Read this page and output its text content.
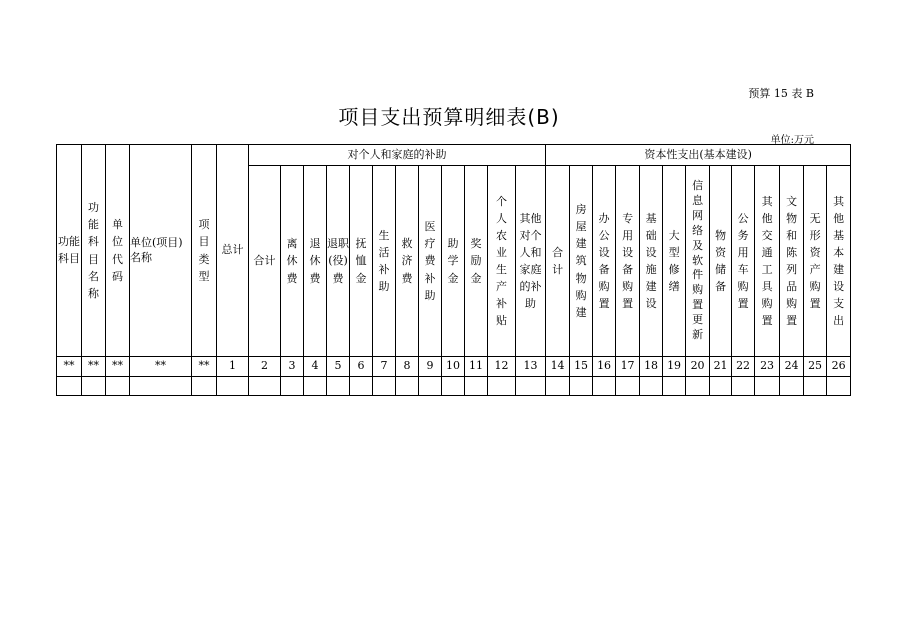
预算 15 表 B
项目支出预算明细表(B)
单位:万元
功能科目	功能科目名称	单位代码	单位(项目)名称	项目类型	总计	对个人和家庭的补助												资本性支出(基本建设)												
						合计	离休费	退休费	退职(役)费	抚恤金	生活补助	救济费	医疗费补助	助学金	奖励金	个人农业生产补贴	其他对个人和家庭的补助	合计	房屋建筑物购建	办公设备购置	专用设备购置	基础设施建设	大型修缮	信息网络及软件购置更新	物资储备	公务用车购置	其他交通工具购置	文物和陈列品购置	无形资产购置	其他基本建设支出
**	**	**	**	**	1	2	3	4	5	6	7	8	9	10	11	12	13	14	15	16	17	18	19	20	21	22	23	24	25	26
